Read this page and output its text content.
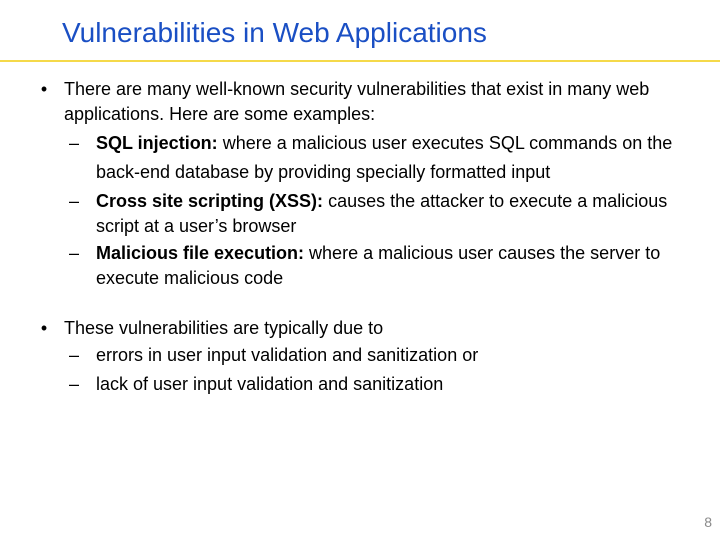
Vulnerabilities in Web Applications
• There are many well-known security vulnerabilities that exist in many web applications. Here are some examples:
– SQL injection: where a malicious user executes SQL commands on the back-end database by providing specially formatted input
– Cross site scripting (XSS): causes the attacker to execute a malicious script at a user’s browser
– Malicious file execution: where a malicious user causes the server to execute malicious code
• These vulnerabilities are typically due to
– errors in user input validation and sanitization or
– lack of user input validation and sanitization
8
